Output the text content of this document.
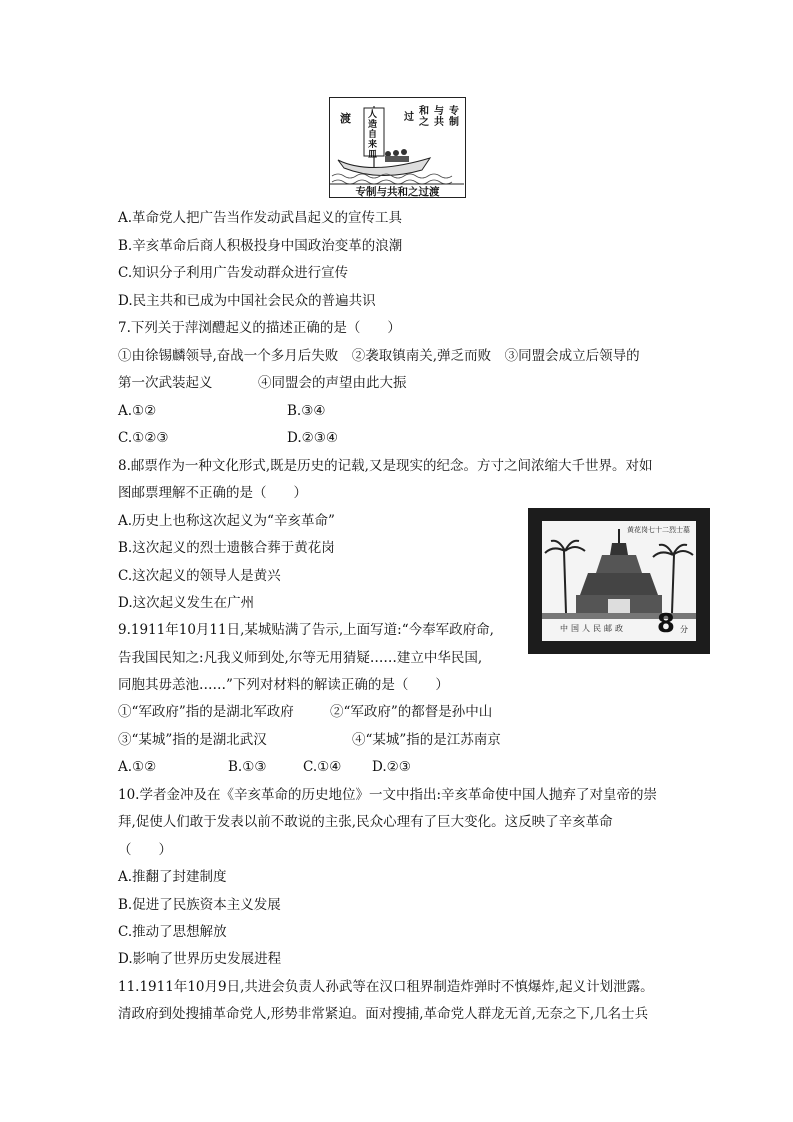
渡 人造自来皿
专
与
和
制
共
之
过
专制与共和之过渡
A.革命党人把广告当作发动武昌起义的宣传工具
B.辛亥革命后商人积极投身中国政治变革的浪潮
C.知识分子利用广告发动群众进行宣传
D.民主共和已成为中国社会民众的普遍共识
7.下列关于萍浏醴起义的描述正确的是（　　）
①由徐锡麟领导,奋战一个多月后失败　②袭取镇南关,弹乏而败　③同盟会成立后领导的
第一次武装起义	④同盟会的声望由此大振
A.①②	B.③④
C.①②③	D.②③④
8.邮票作为一种文化形式,既是历史的记载,又是现实的纪念。方寸之间浓缩大千世界。对如
图邮票理解不正确的是（　　）
A.历史上也称这次起义为“辛亥革命”
B.这次起义的烈士遗骸合葬于黄花岗
C.这次起义的领导人是黄兴
D.这次起义发生在广州
黄花岗七十二烈士墓
中国人民邮政 8 分
9.1911年10月11日,某城贴满了告示,上面写道:“今奉军政府命,
告我国民知之:凡我义师到处,尔等无用猜疑……建立中华民国,
同胞其毋恙池……”下列对材料的解读正确的是（　　）
①“军政府”指的是湖北军政府	②“军政府”的都督是孙中山
③“某城”指的是湖北武汉	④“某城”指的是江苏南京
A.①②	B.①③	C.①④ D.②③
10.学者金冲及在《辛亥革命的历史地位》一文中指出:辛亥革命使中国人抛弃了对皇帝的崇
拜,促使人们敢于发表以前不敢说的主张,民众心理有了巨大变化。这反映了辛亥革命
（　　）
A.推翻了封建制度
B.促进了民族资本主义发展
C.推动了思想解放
D.影响了世界历史发展进程
11.1911年10月9日,共进会负责人孙武等在汉口租界制造炸弹时不慎爆炸,起义计划泄露。
清政府到处搜捕革命党人,形势非常紧迫。面对搜捕,革命党人群龙无首,无奈之下,几名士兵
